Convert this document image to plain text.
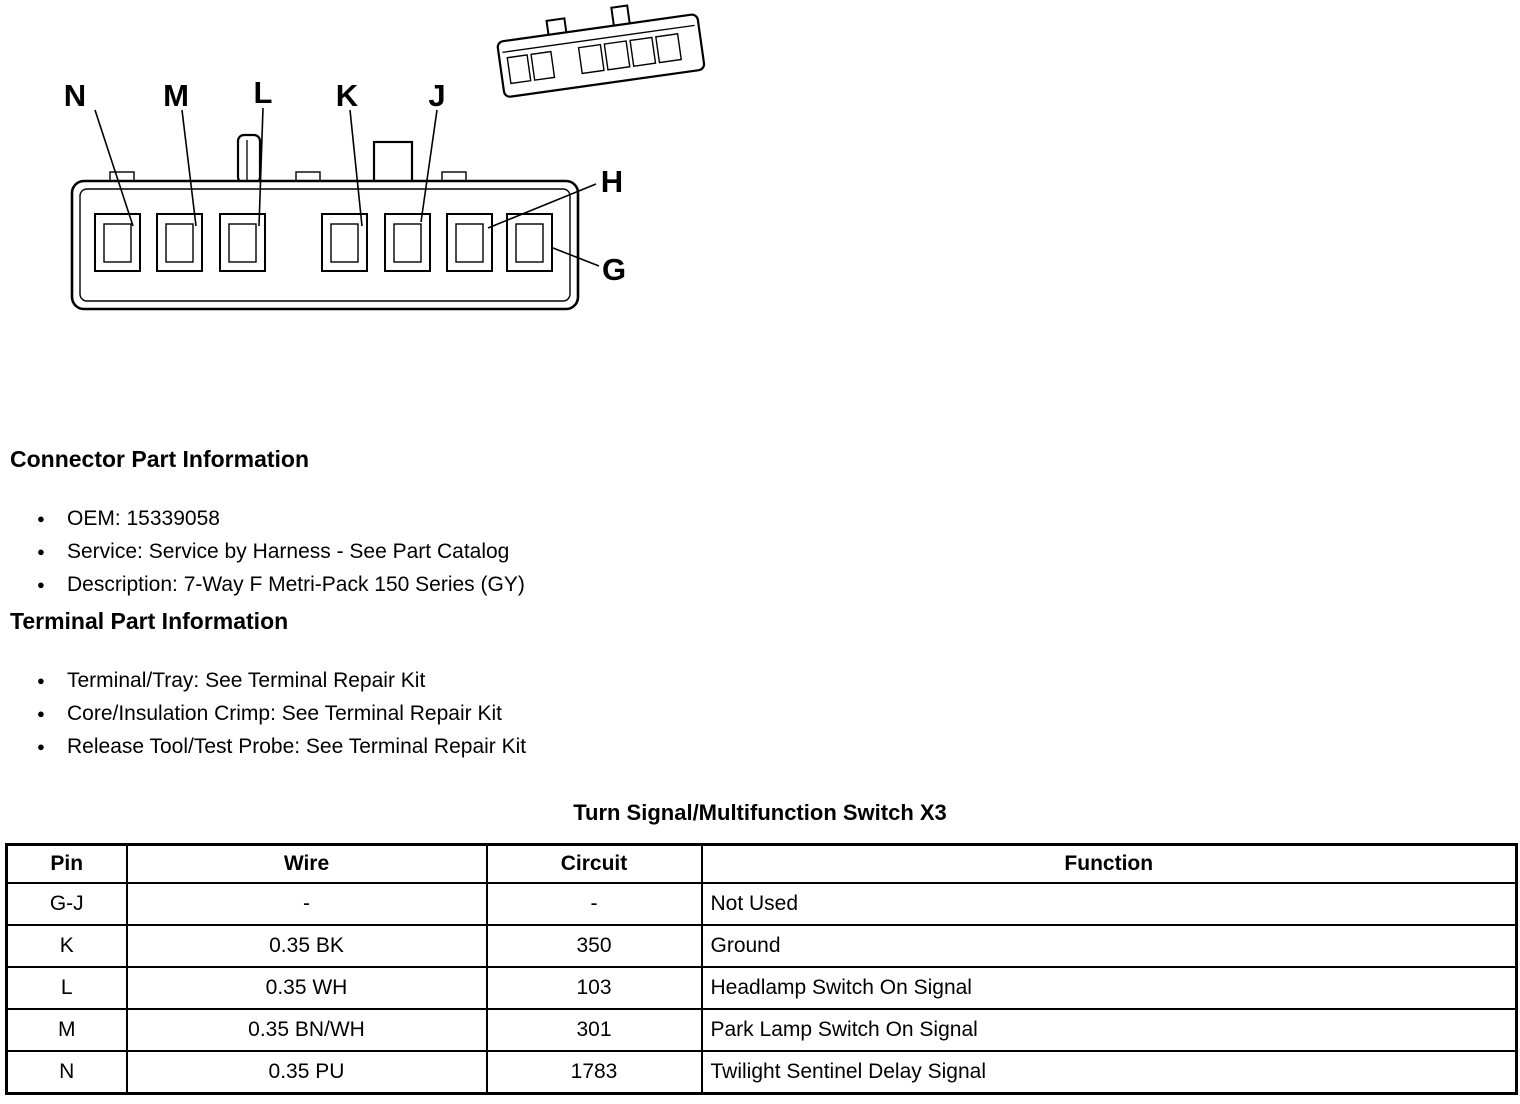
N M L K J
H
G
Connector Part Information
● OEM: 15339058
● Service: Service by Harness - See Part Catalog
● Description: 7-Way F Metri-Pack 150 Series (GY)
Terminal Part Information
● Terminal/Tray: See Terminal Repair Kit
● Core/Insulation Crimp: See Terminal Repair Kit
● Release Tool/Test Probe: See Terminal Repair Kit
Turn Signal/Multifunction Switch X3
Pin	Wire	Circuit	Function
G-J	-	-	Not Used
K	0.35 BK	350	Ground
L	0.35 WH	103	Headlamp Switch On Signal
M	0.35 BN/WH	301	Park Lamp Switch On Signal
N	0.35 PU	1783	Twilight Sentinel Delay Signal
